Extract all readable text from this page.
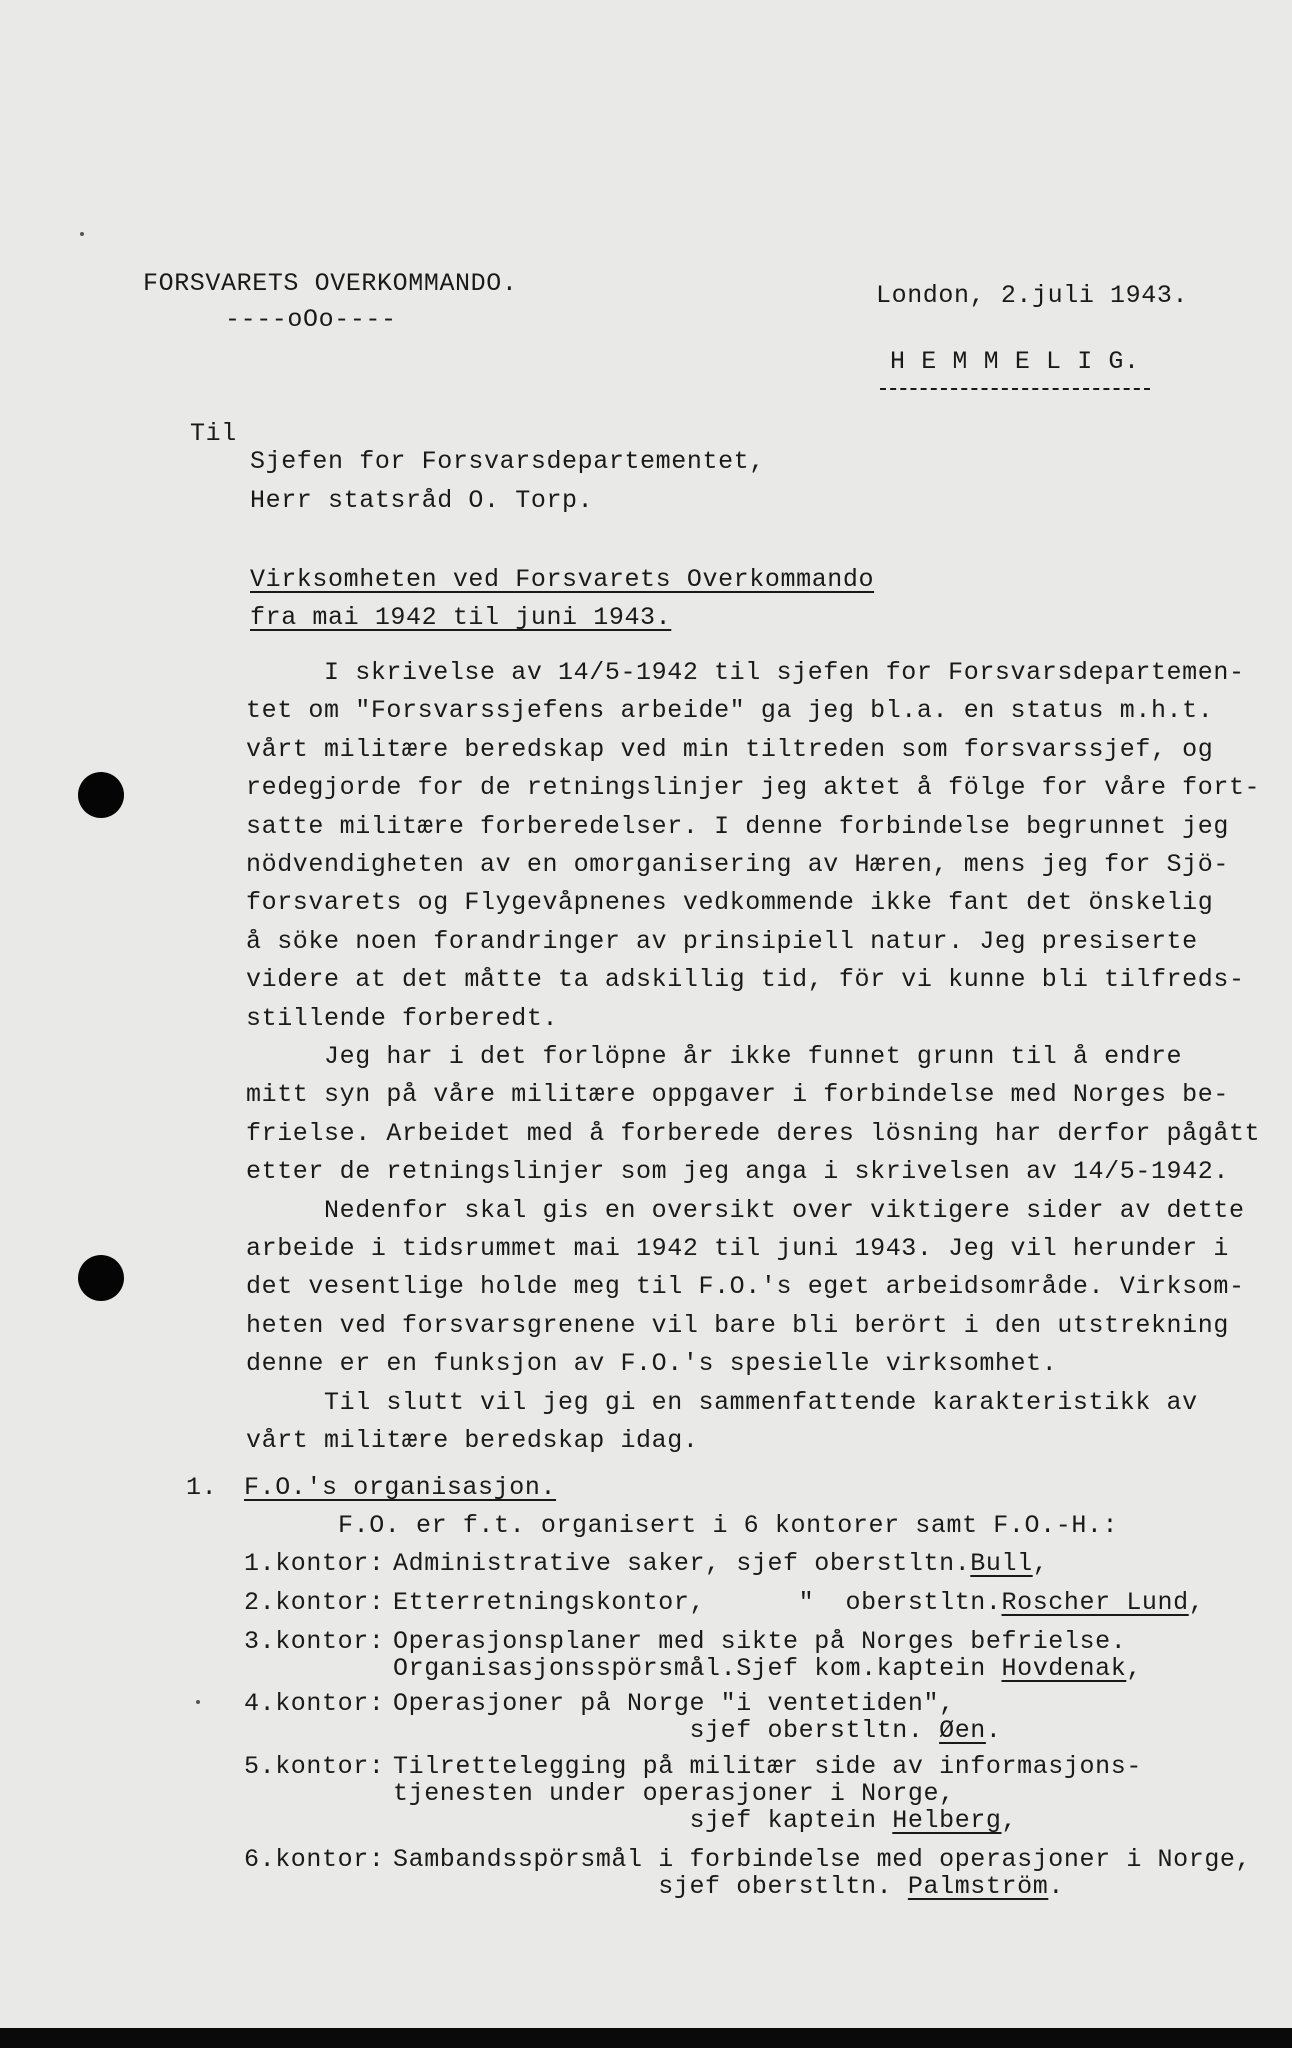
FORSVARETS OVERKOMMANDO.
----oOo----
London, 2.juli 1943.
H E M M E L I G.
Til
Sjefen for Forsvarsdepartementet,
Herr statsråd O. Torp.
Virksomheten ved Forsvarets Overkommando
fra mai 1942 til juni 1943.
I skrivelse av 14/5-1942 til sjefen for Forsvarsdepartemen-
tet om "Forsvarssjefens arbeide" ga jeg bl.a. en status m.h.t.
vårt militære beredskap ved min tiltreden som forsvarssjef, og
redegjorde for de retningslinjer jeg aktet å fölge for våre fort-
satte militære forberedelser. I denne forbindelse begrunnet jeg
nödvendigheten av en omorganisering av Hæren, mens jeg for Sjö-
forsvarets og Flygevåpnenes vedkommende ikke fant det önskelig
å söke noen forandringer av prinsipiell natur. Jeg presiserte
videre at det måtte ta adskillig tid, för vi kunne bli tilfreds-
stillende forberedt.
Jeg har i det forlöpne år ikke funnet grunn til å endre
mitt syn på våre militære oppgaver i forbindelse med Norges be-
frielse. Arbeidet med å forberede deres lösning har derfor pågått
etter de retningslinjer som jeg anga i skrivelsen av 14/5-1942.
Nedenfor skal gis en oversikt over viktigere sider av dette
arbeide i tidsrummet mai 1942 til juni 1943. Jeg vil herunder i
det vesentlige holde meg til F.O.'s eget arbeidsområde. Virksom-
heten ved forsvarsgrenene vil bare bli berört i den utstrekning
denne er en funksjon av F.O.'s spesielle virksomhet.
Til slutt vil jeg gi en sammenfattende karakteristikk av
vårt militære beredskap idag.
1. F.O.'s organisasjon.
F.O. er f.t. organisert i 6 kontorer samt F.O.-H.:
1.kontor: Administrative saker, sjef oberstltn.Bull,
2.kontor: Etterretningskontor,      "  oberstltn.Roscher Lund,
3.kontor: Operasjonsplaner med sikte på Norges befrielse.
Organisasjonsspörsmål.Sjef kom.kaptein Hovdenak,
4.kontor: Operasjoner på Norge "i ventetiden",
sjef oberstltn. Øen.
5.kontor: Tilrettelegging på militær side av informasjons-
tjenesten under operasjoner i Norge,
sjef kaptein Helberg,
6.kontor: Sambandsspörsmål i forbindelse med operasjoner i Norge,
sjef oberstltn. Palmström.
